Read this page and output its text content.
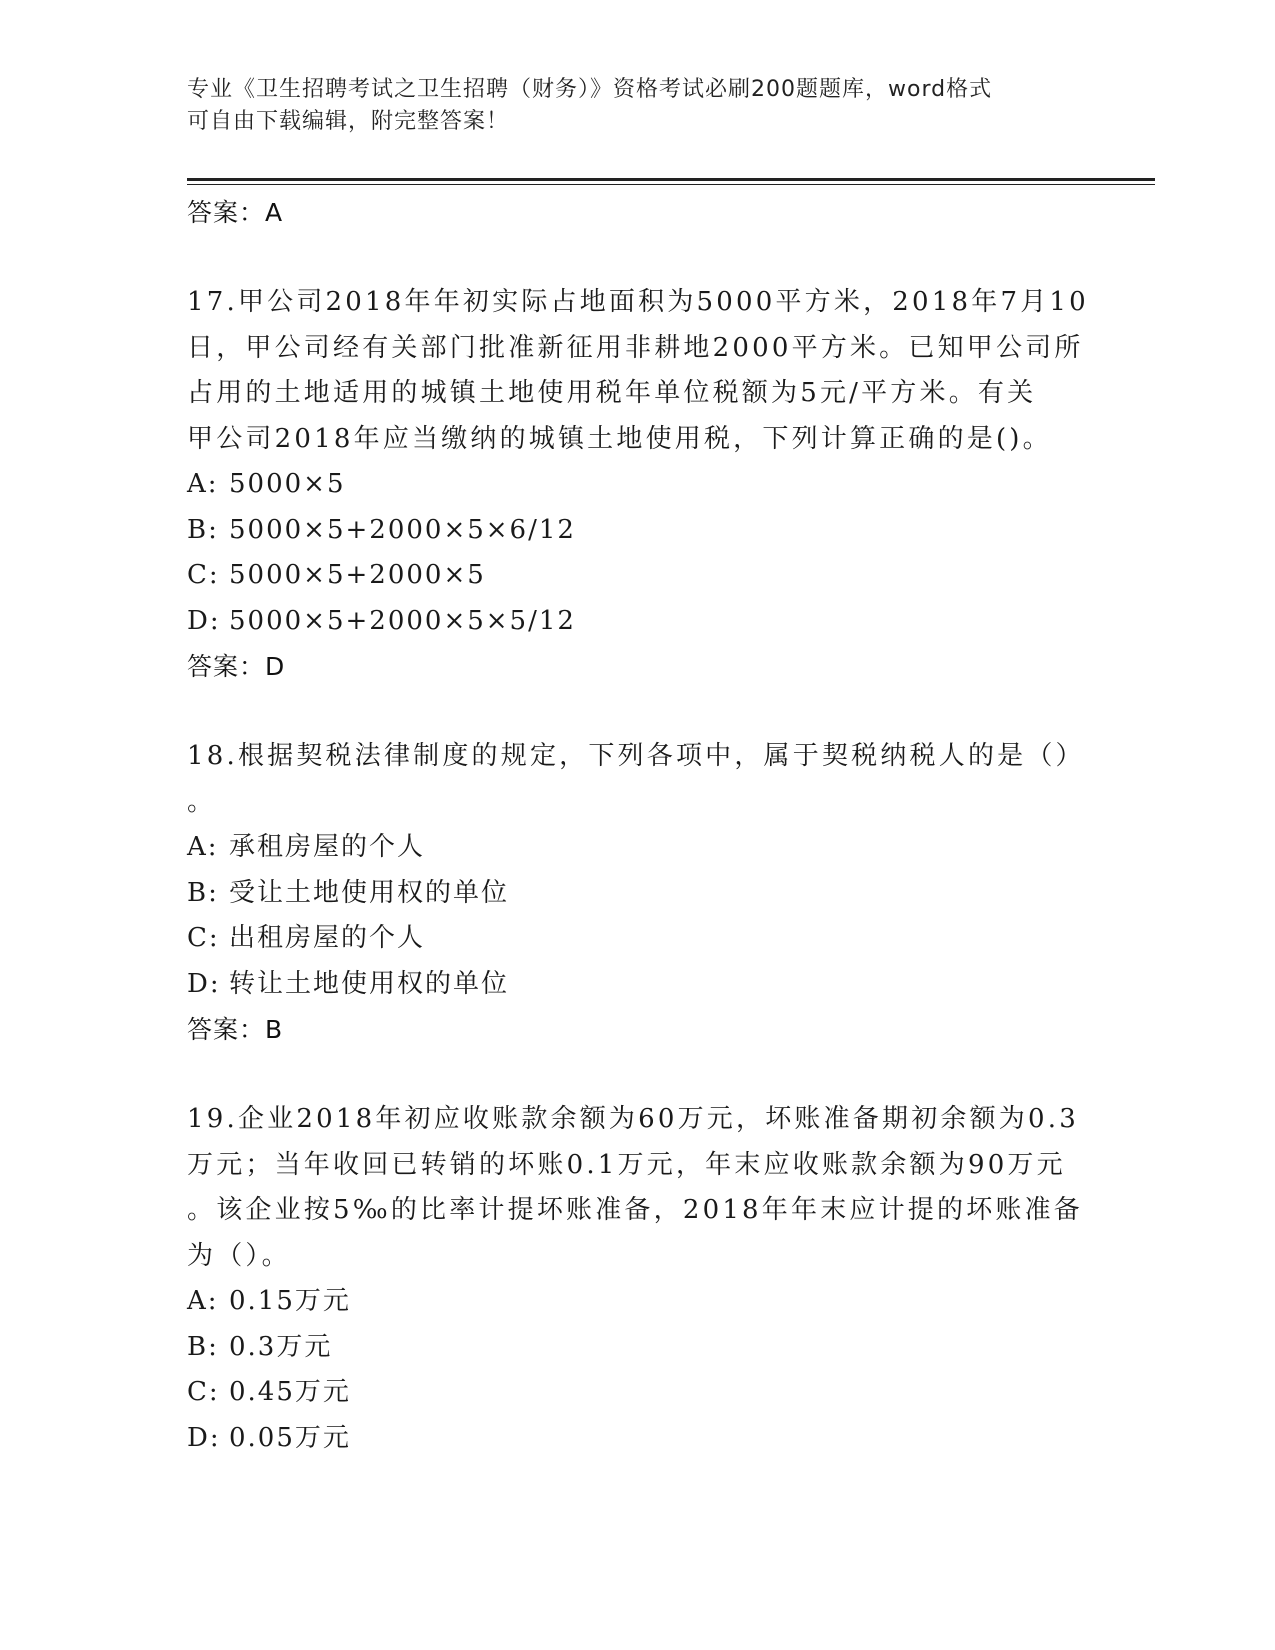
专业《卫生招聘考试之卫生招聘（财务）》资格考试必刷200题题库，word格式
可自由下载编辑，附完整答案！
答案：A
17.甲公司2018年年初实际占地面积为5000平方米，2018年7月10
日，甲公司经有关部门批准新征用非耕地2000平方米。已知甲公司所
占用的土地适用的城镇土地使用税年单位税额为5元/平方米。有关
甲公司2018年应当缴纳的城镇土地使用税，下列计算正确的是()。
A: 5000×5
B: 5000×5+2000×5×6/12
C: 5000×5+2000×5
D: 5000×5+2000×5×5/12
答案：D
18.根据契税法律制度的规定，下列各项中，属于契税纳税人的是（）
。
A: 承租房屋的个人
B: 受让土地使用权的单位
C: 出租房屋的个人
D: 转让土地使用权的单位
答案：B
19.企业2018年初应收账款余额为60万元，坏账准备期初余额为0.3
万元；当年收回已转销的坏账0.1万元，年末应收账款余额为90万元
。该企业按5‰的比率计提坏账准备，2018年年末应计提的坏账准备
为（）。
A: 0.15万元
B: 0.3万元
C: 0.45万元
D: 0.05万元
